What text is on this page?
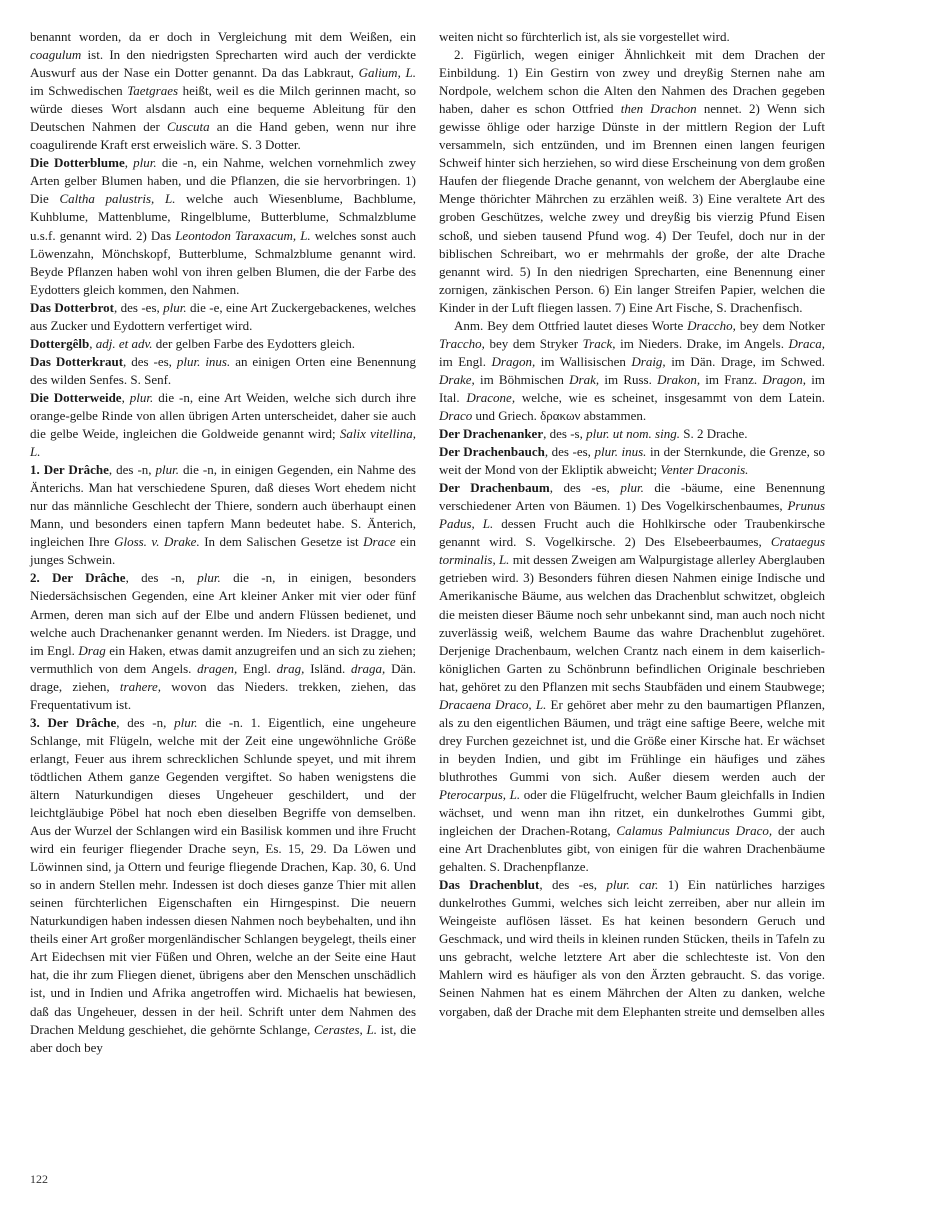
benannt worden, da er doch in Vergleichung mit dem Weißen, ein coagulum ist. In den niedrigsten Sprecharten wird auch der verdickte Auswurf aus der Nase ein Dotter genannt. Da das Labkraut, Galium, L. im Schwedischen Taetgraes heißt, weil es die Milch gerinnen macht, so würde dieses Wort alsdann auch eine bequeme Ableitung für den Deutschen Nahmen der Cuscuta an die Hand geben, wenn nur ihre coagulirende Kraft erst erweislich wäre. S. 3 Dotter.

Die Dotterblume, plur. die -n, ein Nahme, welchen vornehmlich zwey Arten gelber Blumen haben, und die Pflanzen, die sie hervorbringen. 1) Die Caltha palustris, L. welche auch Wiesenblume, Bachblume, Kuhblume, Mattenblume, Ringelblume, Butterblume, Schmalzblume u.s.f. genannt wird. 2) Das Leontodon Taraxacum, L. welches sonst auch Löwenzahn, Mönchskopf, Butterblume, Schmalzblume genannt wird. Beyde Pflanzen haben wohl von ihren gelben Blumen, die der Farbe des Eydotters gleich kommen, den Nahmen.

Das Dotterbrot, des -es, plur. die -e, eine Art Zuckergebackenes, welches aus Zucker und Eydottern verfertiget wird.

Dottergêlb, adj. et adv. der gelben Farbe des Eydotters gleich.

Das Dotterkraut, des -es, plur. inus. an einigen Orten eine Benennung des wilden Senfes. S. Senf.

Die Dotterweide, plur. die -n, eine Art Weiden, welche sich durch ihre orange-gelbe Rinde von allen übrigen Arten unterscheidet, daher sie auch die gelbe Weide, ingleichen die Goldweide genannt wird; Salix vitellina, L.

1. Der Drâche, des -n, plur. die -n, in einigen Gegenden, ein Nahme des Änterichs. Man hat verschiedene Spuren, daß dieses Wort ehedem nicht nur das männliche Geschlecht der Thiere, sondern auch überhaupt einen Mann, und besonders einen tapfern Mann bedeutet habe. S. Änterich, ingleichen Ihre Gloss. v. Drake. In dem Salischen Gesetze ist Drace ein junges Schwein.

2. Der Drâche, des -n, plur. die -n, in einigen, besonders Niedersächsischen Gegenden, eine Art kleiner Anker mit vier oder fünf Armen, deren man sich auf der Elbe und andern Flüssen bedienet, und welche auch Drachenanker genannt werden. Im Nieders. ist Dragge, und im Engl. Drag ein Haken, etwas damit anzugreifen und an sich zu ziehen; vermuthlich von dem Angels. dragen, Engl. drag, Isländ. draga, Dän. drage, ziehen, trahere, wovon das Nieders. trekken, ziehen, das Frequentativum ist.

3. Der Drâche, des -n, plur. die -n. 1. Eigentlich, eine ungeheure Schlange, mit Flügeln, welche mit der Zeit eine ungewöhnliche Größe erlangt, Feuer aus ihrem schrecklichen Schlunde speyet, und mit ihrem tödtlichen Athem ganze Gegenden vergiftet. So haben wenigstens die ältern Naturkundigen dieses Ungeheuer geschildert, und der leichtgläubige Pöbel hat noch eben dieselben Begriffe von demselben. Aus der Wurzel der Schlangen wird ein Basilisk kommen und ihre Frucht wird ein feuriger fliegender Drache seyn, Es. 15, 29. Da Löwen und Löwinnen sind, ja Ottern und feurige fliegende Drachen, Kap. 30, 6. Und so in andern Stellen mehr. Indessen ist doch dieses ganze Thier mit allen seinen fürchterlichen Eigenschaften ein Hirngespinst. Die neuern Naturkundigen haben indessen diesen Nahmen noch beybehalten, und ihn theils einer Art großer morgenländischer Schlangen beygelegt, theils einer Art Eidechsen mit vier Füßen und Ohren, welche an der Seite eine Haut hat, die ihr zum Fliegen dienet, übrigens aber den Menschen unschädlich ist, und in Indien und Afrika angetroffen wird. Michaelis hat bewiesen, daß das Ungeheuer, dessen in der heil. Schrift unter dem Nahmen des Drachen Meldung geschiehet, die gehörnte Schlange, Cerastes, L. ist, die aber doch bey

weiten nicht so fürchterlich ist, als sie vorgestellet wird.

2. Figürlich, wegen einiger Ähnlichkeit mit dem Drachen der Einbildung. 1) Ein Gestirn von zwey und dreyßig Sternen nahe am Nordpole, welchem schon die Alten den Nahmen des Drachen gegeben haben, daher es schon Ottfried then Drachon nennet. 2) Wenn sich gewisse öhlige oder harzige Dünste in der mittlern Region der Luft versammeln, sich entzünden, und im Brennen einen langen feurigen Schweif hinter sich herziehen, so wird diese Erscheinung von dem großen Haufen der fliegende Drache genannt, von welchem der Aberglaube eine Menge thörichter Mährchen zu erzählen weiß. 3) Eine veraltete Art des groben Geschützes, welche zwey und dreyßig bis vierzig Pfund Eisen schoß, und sieben tausend Pfund wog. 4) Der Teufel, doch nur in der biblischen Schreibart, wo er mehrmahls der große, der alte Drache genannt wird. 5) In den niedrigen Sprecharten, eine Benennung einer zornigen, zänkischen Person. 6) Ein langer Streifen Papier, welchen die Kinder in der Luft fliegen lassen. 7) Eine Art Fische, S. Drachenfisch.

Anm. Bey dem Ottfried lautet dieses Worte Draccho, bey dem Notker Traccho, bey dem Stryker Track, im Nieders. Drake, im Angels. Draca, im Engl. Dragon, im Wallisischen Draig, im Dän. Drage, im Schwed. Drake, im Böhmischen Drak, im Russ. Drakon, im Franz. Dragon, im Ital. Dracone, welche, wie es scheinet, insgesammt von dem Latein. Draco und Griech. δρακων abstammen.

Der Drachenanker, des -s, plur. ut nom. sing. S. 2 Drache.

Der Drachenbauch, des -es, plur. inus. in der Sternkunde, die Grenze, so weit der Mond von der Ekliptik abweicht; Venter Draconis.

Der Drachenbaum, des -es, plur. die -bäume, eine Benennung verschiedener Arten von Bäumen. 1) Des Vogelkirschenbaumes, Prunus Padus, L. dessen Frucht auch die Hohlkirsche oder Traubenkirsche genannt wird. S. Vogelkirsche. 2) Des Elsebeerbaumes, Crataegus torminalis, L. mit dessen Zweigen am Walpurgistage allerley Aberglauben getrieben wird. 3) Besonders führen diesen Nahmen einige Indische und Amerikanische Bäume, aus welchen das Drachenblut schwitzet, obgleich die meisten dieser Bäume noch sehr unbekannt sind, man auch noch nicht zuverlässig weiß, welchem Baume das wahre Drachenblut zugehöret. Derjenige Drachenbaum, welchen Crantz nach einem in dem kaiserlich-königlichen Garten zu Schönbrunn befindlichen Originale beschrieben hat, gehöret zu den Pflanzen mit sechs Staubfäden und einem Staubwege; Dracaena Draco, L. Er gehöret aber mehr zu den baumartigen Pflanzen, als zu den eigentlichen Bäumen, und trägt eine saftige Beere, welche mit drey Furchen gezeichnet ist, und die Größe einer Kirsche hat. Er wächset in beyden Indien, und gibt im Frühlinge ein häufiges und zähes bluthrothes Gummi von sich. Außer diesem werden auch der Pterocarpus, L. oder die Flügelfrucht, welcher Baum gleichfalls in Indien wächset, und wenn man ihn ritzet, ein dunkelrothes Gummi gibt, ingleichen der Drachen-Rotang, Calamus Palmiuncus Draco, der auch eine Art Drachenblutes gibt, von einigen für die wahren Drachenbäume gehalten. S. Drachenpflanze.

Das Drachenblut, des -es, plur. car. 1) Ein natürliches harziges dunkelrothes Gummi, welches sich leicht zerreiben, aber nur allein im Weingeiste auflösen lässet. Es hat keinen besondern Geruch und Geschmack, und wird theils in kleinen runden Stücken, theils in Tafeln zu uns gebracht, welche letztere Art aber die schlechteste ist. Von den Mahlern wird es häufiger als von den Ärzten gebraucht. S. das vorige. Seinen Nahmen hat es einem Mährchen der Alten zu danken, welche vorgaben, daß der Drache mit dem Elephanten streite und demselben alles

122
